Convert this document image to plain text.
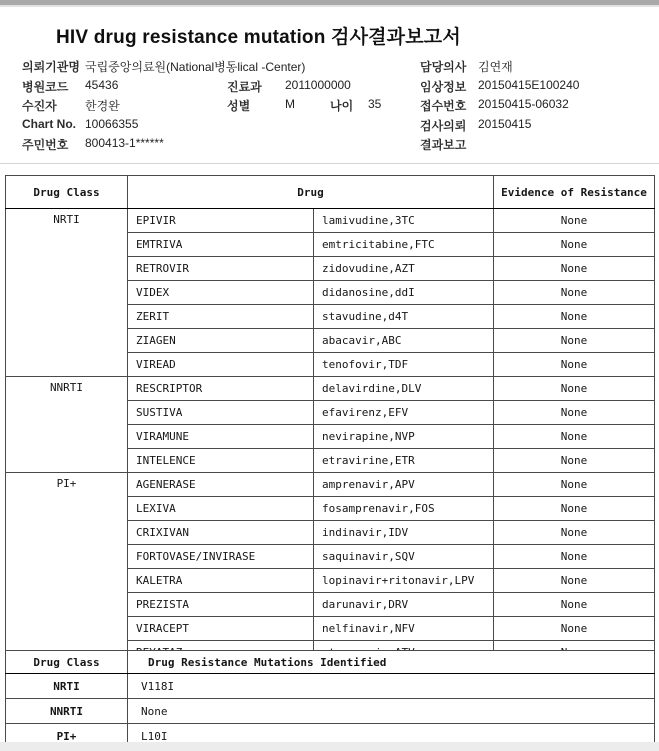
HIV drug resistance mutation 검사결과보고서
의뢰기관명 국립중앙의료원(National병동lical -Center)	담당의사 김연재
병원코드 45436	진료과 2011000000	임상정보 20150415E100240
수진자 한경완	성별	M	나이 35	접수번호 20150415-06032
Chart No. 10066355	검사의뢰 20150415
주민번호 800413-1******	결과보고
Drug Class	Drug		Evidence of Resistance
NRTI	EPIVIR	lamivudine,3TC	None
	EMTRIVA	emtricitabine,FTC	None
	RETROVIR	zidovudine,AZT	None
	VIDEX	didanosine,ddI	None
	ZERIT	stavudine,d4T	None
	ZIAGEN	abacavir,ABC	None
	VIREAD	tenofovir,TDF	None
NNRTI	RESCRIPTOR	delavirdine,DLV	None
	SUSTIVA	efavirenz,EFV	None
	VIRAMUNE	nevirapine,NVP	None
	INTELENCE	etravirine,ETR	None
PI+	AGENERASE	amprenavir,APV	None
	LEXIVA	fosamprenavir,FOS	None
	CRIXIVAN	indinavir,IDV	None
	FORTOVASE/INVIRASE	saquinavir,SQV	None
	KALETRA	lopinavir+ritonavir,LPV	None
	PREZISTA	darunavir,DRV	None
	VIRACEPT	nelfinavir,NFV	None

Drug Class	Drug Resistance Mutations Identified
NRTI	V118I
NNRTI	None
PI+	L10I
